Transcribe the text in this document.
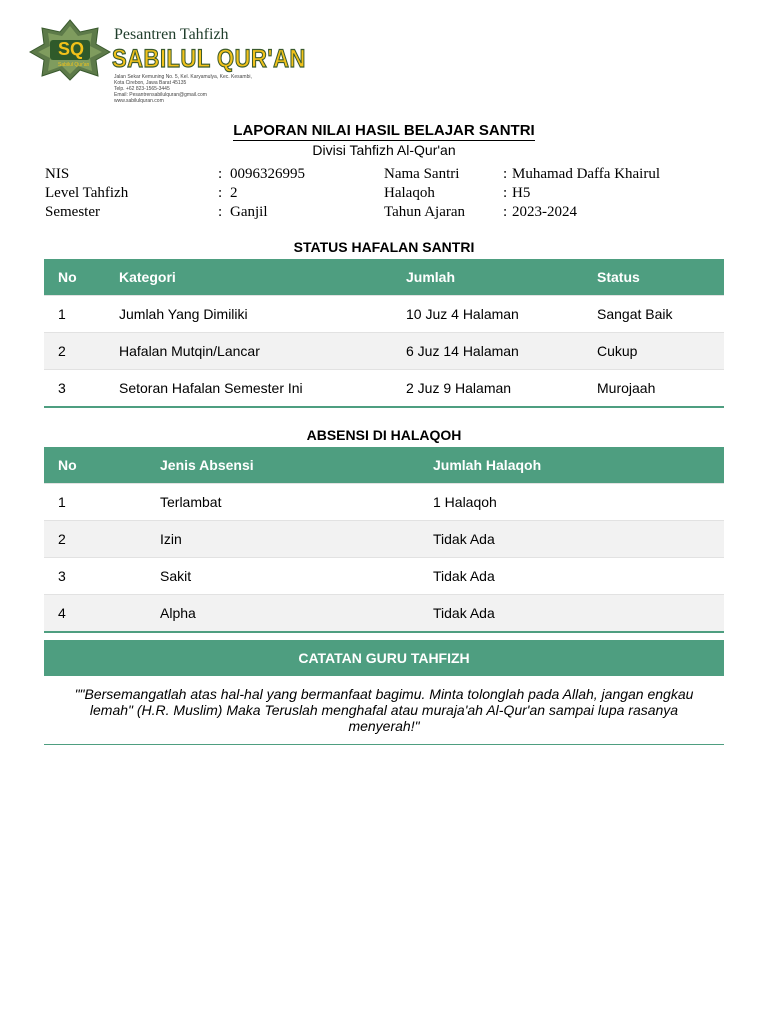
SQ
Sabilul Qur'an
Pesantren Tahfizh
SABILUL QUR'AN
Jalan Sekar Kemuning No. 5, Kel. Karyamulya, Kec. Kesambi,
Kota Cirebon, Jawa Barat 45135
Telp. +62 823-1565-3445
Email: Pesantrensabilulquran@gmail.com
www.sabilulquran.com
LAPORAN NILAI HASIL BELAJAR SANTRI
Divisi Tahfizh Al-Qur'an
NIS	: 0096326995
Level Tahfizh	: 2
Semester	: Ganjil
Nama Santri	: Muhamad Daffa Khairul
Halaqoh	: H5
Tahun Ajaran	: 2023-2024
STATUS HAFALAN SANTRI
No	Kategori	Jumlah	Status
1	Jumlah Yang Dimiliki	10 Juz 4 Halaman	Sangat Baik
2	Hafalan Mutqin/Lancar	6 Juz 14 Halaman	Cukup
3	Setoran Hafalan Semester Ini	2 Juz 9 Halaman	Murojaah
ABSENSI DI HALAQOH
No	Jenis Absensi	Jumlah Halaqoh
1	Terlambat	1 Halaqoh
2	Izin	Tidak Ada
3	Sakit	Tidak Ada
4	Alpha	Tidak Ada
CATATAN GURU TAHFIZH
""Bersemangatlah atas hal-hal yang bermanfaat bagimu. Minta tolonglah pada Allah, jangan engkau lemah" (H.R. Muslim) Maka Teruslah menghafal atau muraja'ah Al-Qur'an sampai lupa rasanya menyerah!"
